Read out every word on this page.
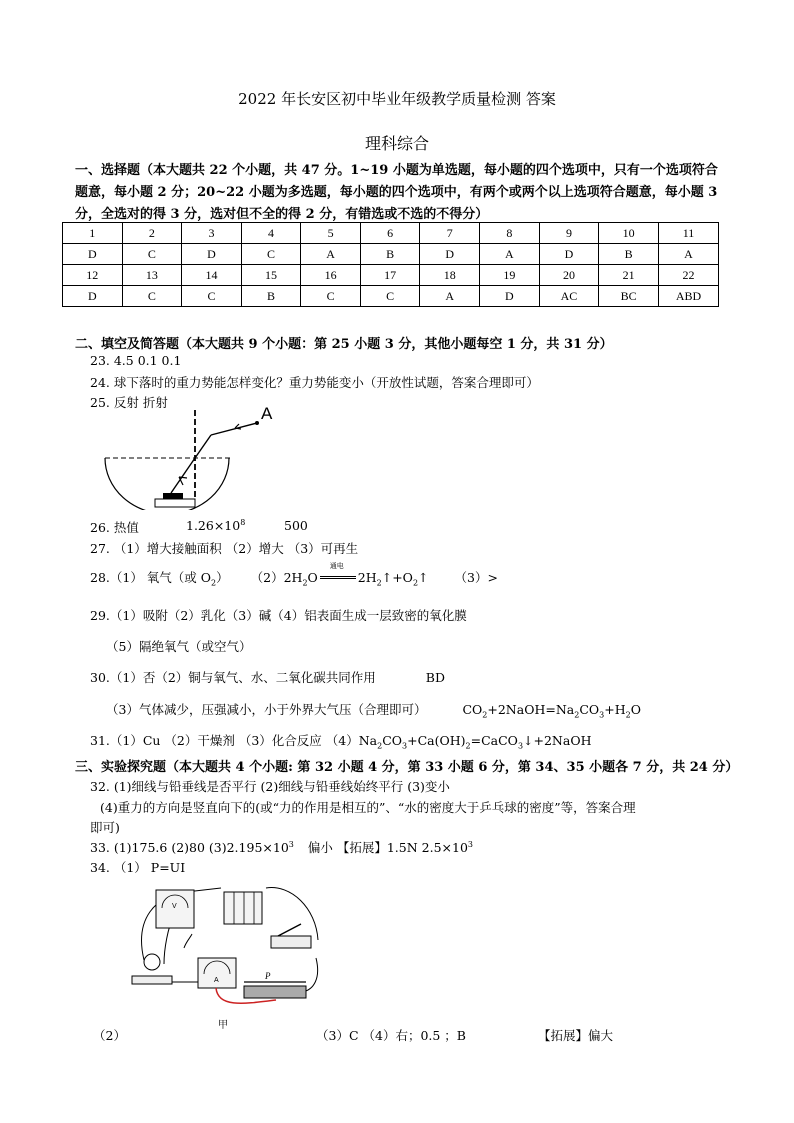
2022 年长安区初中毕业年级教学质量检测 答案
理科综合
一、选择题（本大题共 22 个小题，共 47 分。1~19 小题为单选题，每小题的四个选项中，只有一个选项符合题意，每小题 2 分；20~22 小题为多选题，每小题的四个选项中，有两个或两个以上选项符合题意，每小题 3 分，全选对的得 3 分，选对但不全的得 2 分，有错选或不选的不得分）
1	2	3	4	5	6	7	8	9	10	11
D	C	D	C	A	B	D	A	D	B	A
12	13	14	15	16	17	18	19	20	21	22
D	C	C	B	C	C	A	D	AC	BC	ABD
二、填空及简答题（本大题共 9 个小题：第 25 小题 3 分，其他小题每空 1 分，共 31 分）
23. 4.5 0.1 0.1
24. 球下落时的重力势能怎样变化？重力势能变小（开放性试题，答案合理即可）
25. 反射 折射
A
26. 热值	$1.26\times 10^8$	500
27. （1）增大接触面积 （2）增大 （3）可再生
28.（1） 氧气（或 $O_2$） $(2)2H_2O$
通电
$2H_2↑+O_2↑$ （3）>
29.（1）吸附（2）乳化（3）碱（4）铝表面生成一层致密的氧化膜
（5）隔绝氧气（或空气）
30.（1）否（2）铜与氧气、水、二氧化碳共同作用	BD
（3）气体减少，压强减小，小于外界大气压（合理即可）	$CO_2+2NaOH=Na_2CO_3+H_2O$
31.（1）Cu （2）干燥剂 （3）化合反应 $(4)Na_2CO_3+Ca(OH)_2=CaCO_3↓+2NaOH$
三、实验探究题（本大题共 4 个小题: 第 32 小题 4 分，第 33 小题 6 分，第 34、35 小题各 7 分，共 24 分）
32. (1)细线与铅垂线是否平行 (2)细线与铅垂线始终平行 (3)变小
(4)重力的方向是竖直向下的(或“力的作用是相互的”、“水的密度大于乒乓球的密度”等，答案合理
即可)
33. (1)175.6 (2)80 $(3)2.195\times 10^3$ 偏小 【拓展】1.5N $2.5\times 10^3$
34. （1） P=UI
V
A	P
甲
（2）	（3）C （4）右；0.5 ；B	【拓展】偏大
